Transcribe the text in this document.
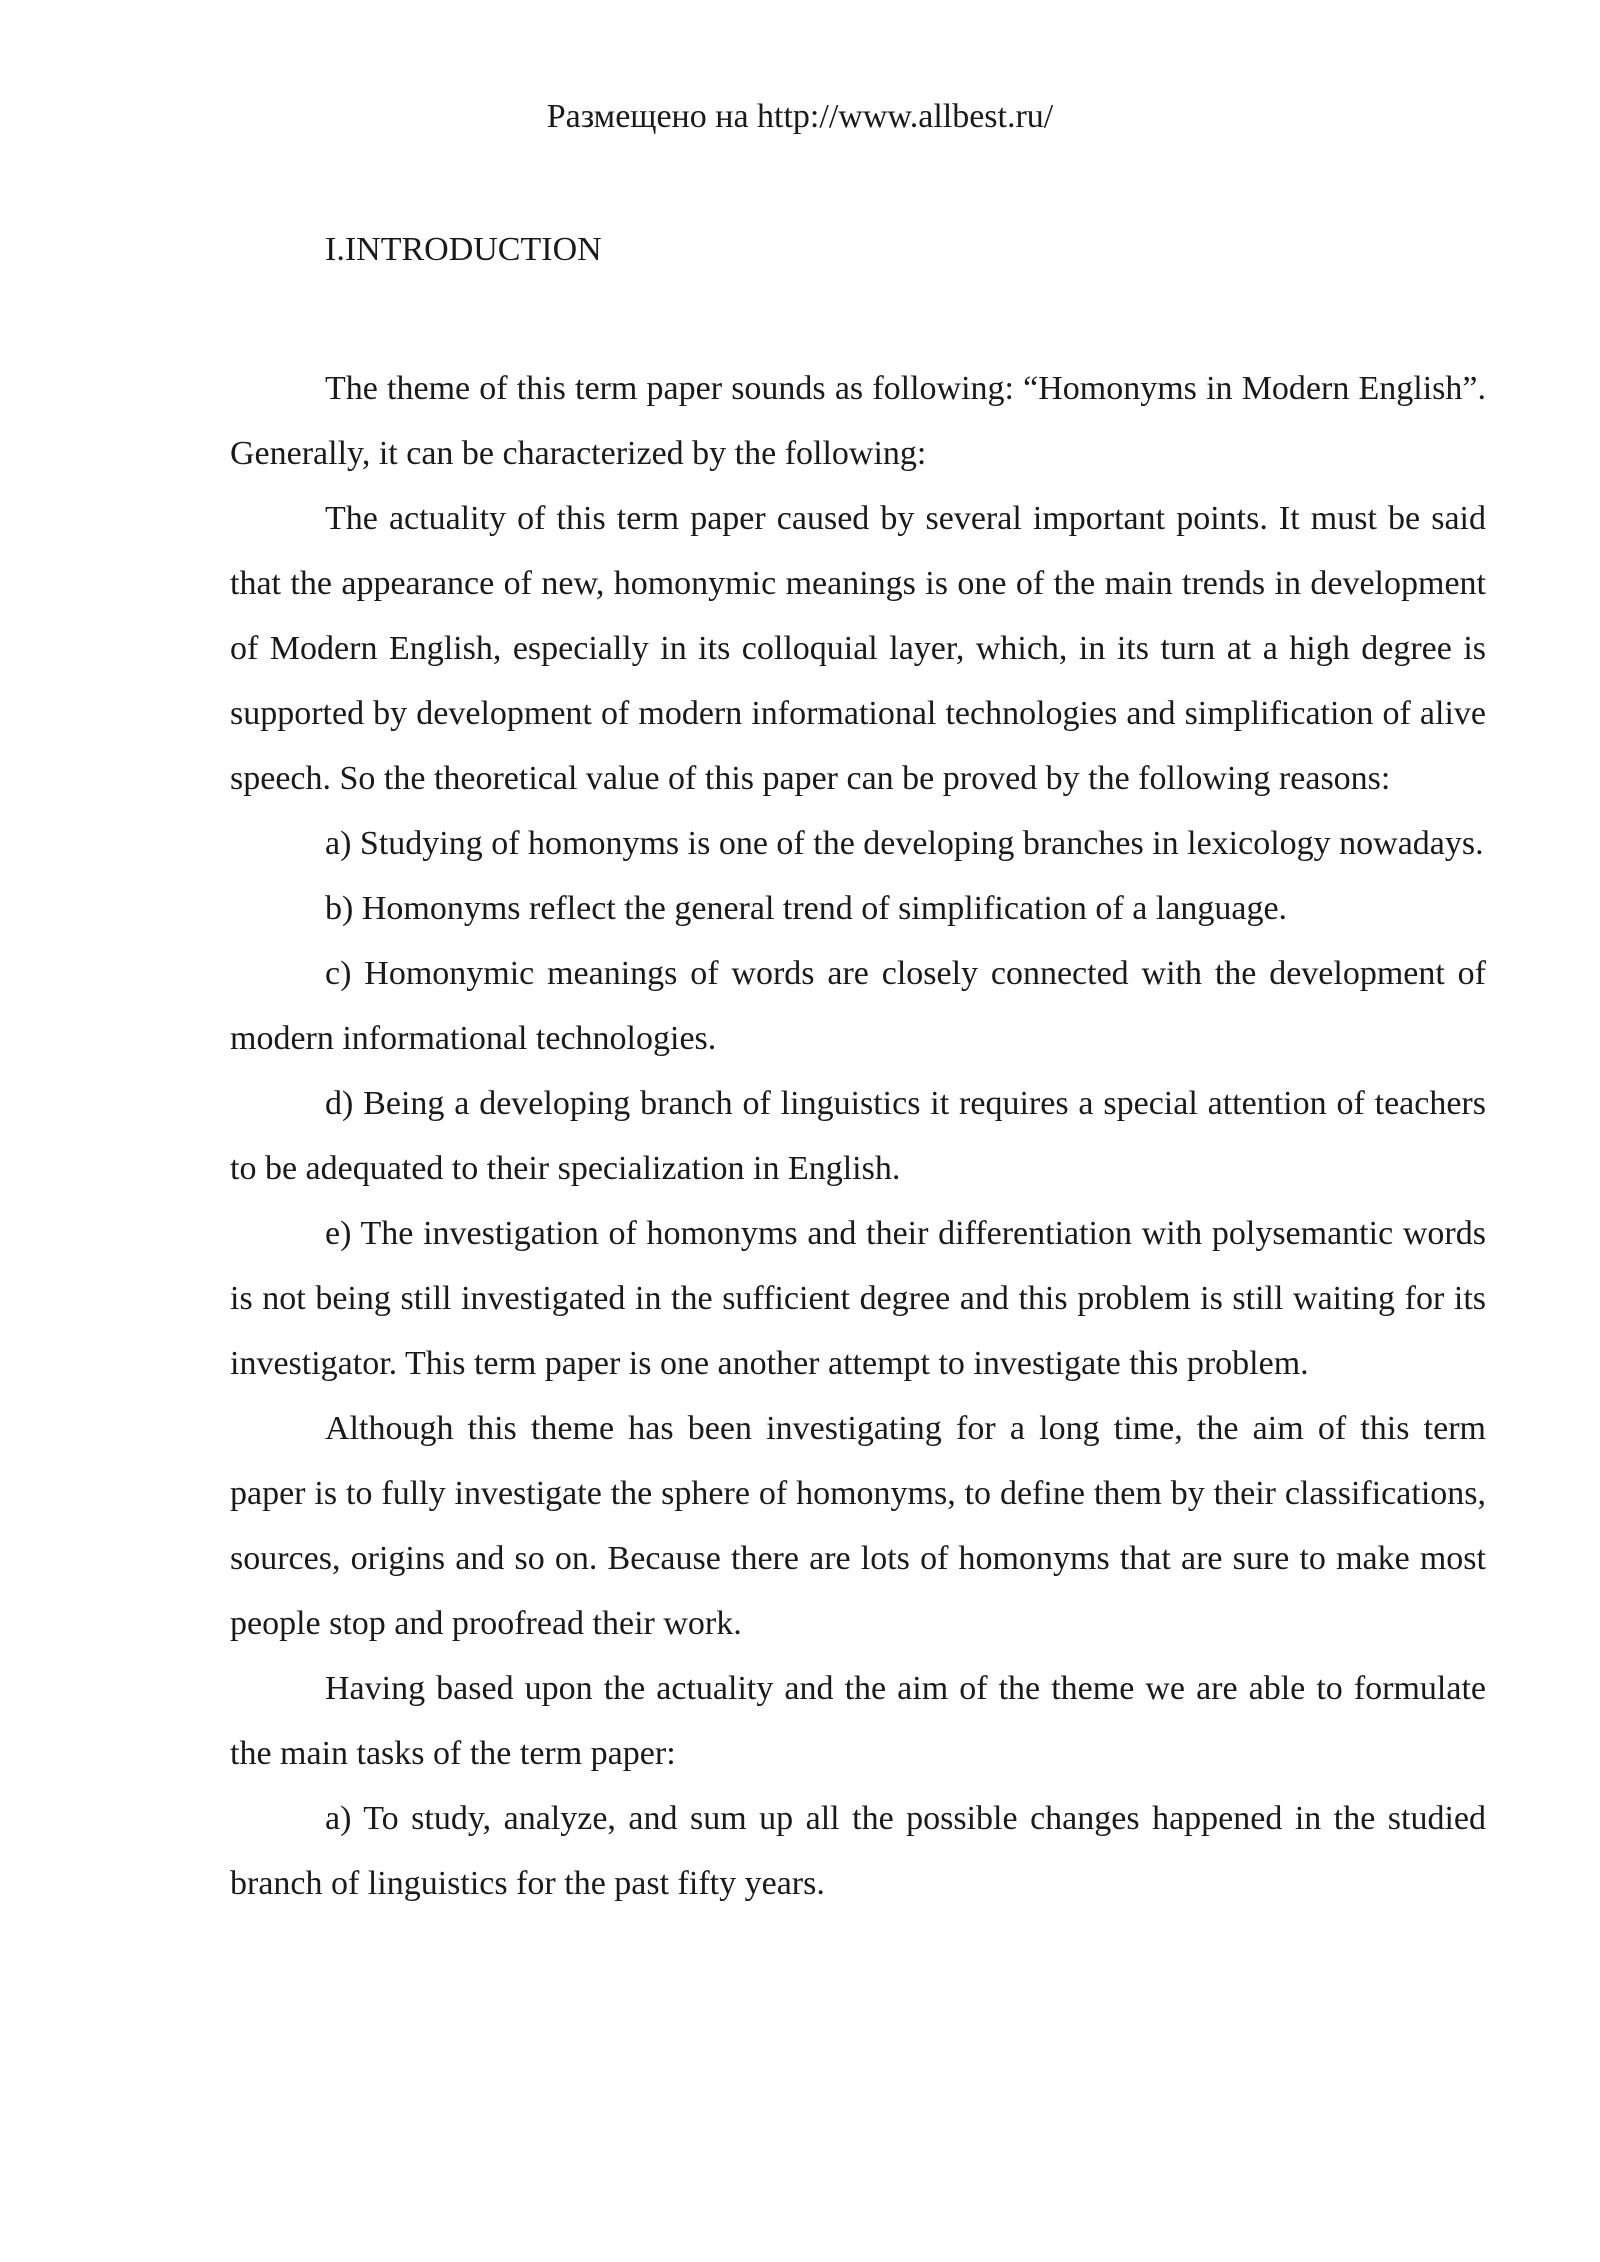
Размещено на http://www.allbest.ru/
I.INTRODUCTION

The theme of this term paper sounds as following: “Homonyms in Modern English”. Generally, it can be characterized by the following:

The actuality of this term paper caused by several important points. It must be said that the appearance of new, homonymic meanings is one of the main trends in development of Modern English, especially in its colloquial layer, which, in its turn at a high degree is supported by development of modern informational technologies and simplification of alive speech. So the theoretical value of this paper can be proved by the following reasons:

a) Studying of homonyms is one of the developing branches in lexicology nowadays.

b) Homonyms reflect the general trend of simplification of a language.

c) Homonymic meanings of words are closely connected with the development of modern informational technologies.

d) Being a developing branch of linguistics it requires a special attention of teachers to be adequated to their specialization in English.

e) The investigation of homonyms and their differentiation with polysemantic words is not being still investigated in the sufficient degree and this problem is still waiting for its investigator. This term paper is one another attempt to investigate this problem.

Although this theme has been investigating for a long time, the aim of this term paper is to fully investigate the sphere of homonyms, to define them by their classifications, sources, origins and so on. Because there are lots of homonyms that are sure to make most people stop and proofread their work.

Having based upon the actuality and the aim of the theme we are able to formulate the main tasks of the term paper:

a) To study, analyze, and sum up all the possible changes happened in the studied branch of linguistics for the past fifty years.
